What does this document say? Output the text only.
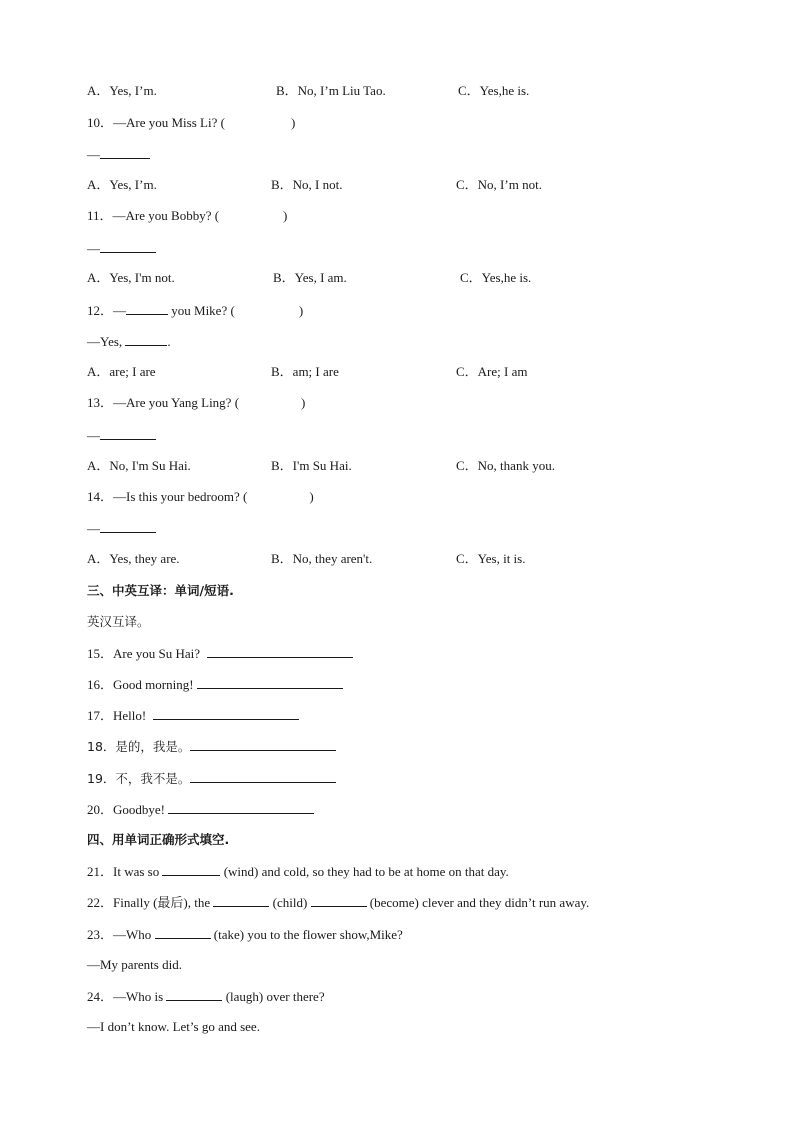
A．Yes, I’m.	B．No, I’m Liu Tao.	C．Yes,he is.
10．—Are you Miss Li? (	)
—
A．Yes, I’m.	B．No, I not.	C．No, I’m not.
11．—Are you Bobby? (	)
—
A．Yes, I'm not.	B．Yes, I am.	C．Yes,he is.
12．—	you Mike? (	)
—Yes,	.
A．are; I are	B．am; I are	C．Are; I am
13．—Are you Yang Ling? (	)
—
A．No, I'm Su Hai.	B．I'm Su Hai.	C．No, thank you.
14．—Is this your bedroom? (	)
—
A．Yes, they are.	B．No, they aren't.	C．Yes, it is.
三、中英互译：单词/短语.
英汉互译。
15．Are you Su Hai?
16．Good morning!
17．Hello!
18．是的，我是。
19．不，我不是。
20．Goodbye!
四、用单词正确形式填空.
21．It was so	(wind) and cold, so they had to be at home on that day.
22．Finally (最后), the	(child)	(become) clever and they didn’t run away.
23．—Who	(take) you to the flower show,Mike?
—My parents did.
24．—Who is	(laugh) over there?
—I don’t know. Let’s go and see.
